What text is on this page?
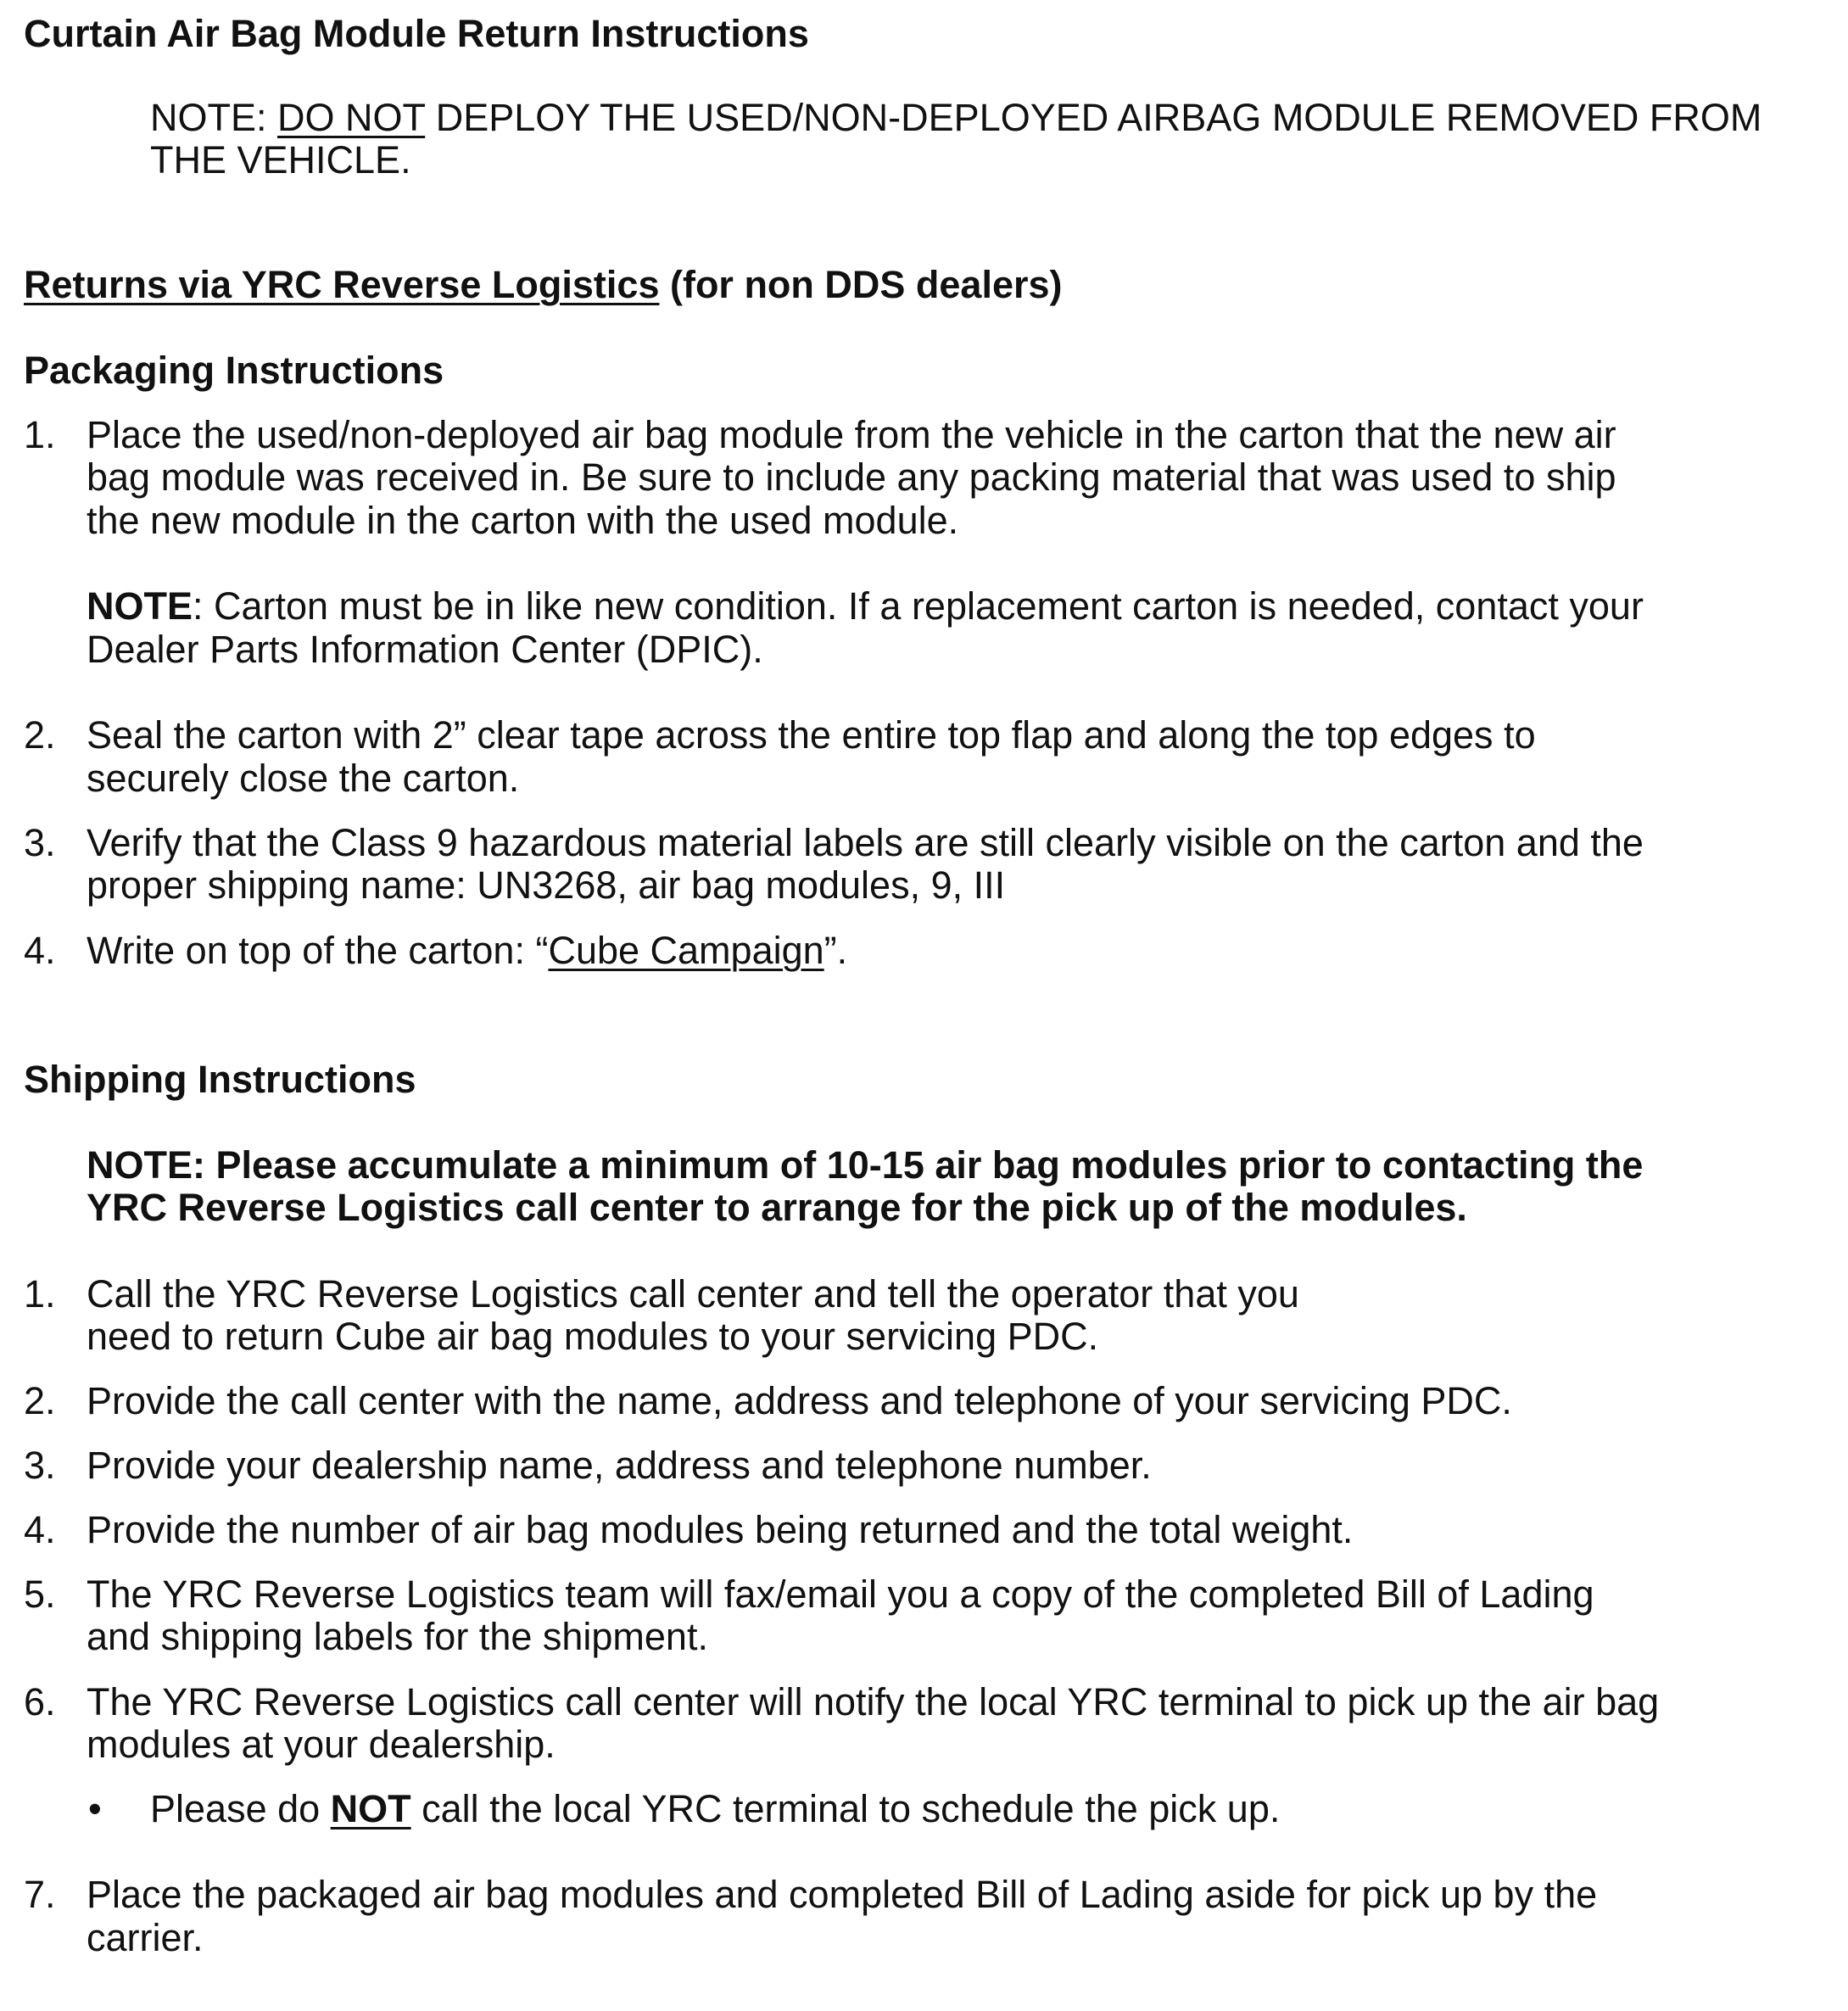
Curtain Air Bag Module Return Instructions

NOTE: DO NOT DEPLOY THE USED/NON-DEPLOYED AIRBAG MODULE REMOVED FROM

THE VEHICLE.

Returns via YRC Reverse Logistics (for non DDS dealers)

Packaging Instructions

1. Place the used/non-deployed air bag module from the vehicle in the carton that the new air

bag module was received in. Be sure to include any packing material that was used to ship

the new module in the carton with the used module.

NOTE: Carton must be in like new condition. If a replacement carton is needed, contact your

Dealer Parts Information Center (DPIC).

2. Seal the carton with 2” clear tape across the entire top flap and along the top edges to

securely close the carton.

3. Verify that the Class 9 hazardous material labels are still clearly visible on the carton and the

proper shipping name: UN3268, air bag modules, 9, III

4. Write on top of the carton: “Cube Campaign”.

Shipping Instructions

NOTE: Please accumulate a minimum of 10-15 air bag modules prior to contacting the

YRC Reverse Logistics call center to arrange for the pick up of the modules.

1. Call the YRC Reverse Logistics call center and tell the operator that you

need to return Cube air bag modules to your servicing PDC.

2. Provide the call center with the name, address and telephone of your servicing PDC.

3. Provide your dealership name, address and telephone number.

4. Provide the number of air bag modules being returned and the total weight.

5. The YRC Reverse Logistics team will fax/email you a copy of the completed Bill of Lading

and shipping labels for the shipment.

6. The YRC Reverse Logistics call center will notify the local YRC terminal to pick up the air bag

modules at your dealership.

• Please do NOT call the local YRC terminal to schedule the pick up.

7. Place the packaged air bag modules and completed Bill of Lading aside for pick up by the

carrier.
